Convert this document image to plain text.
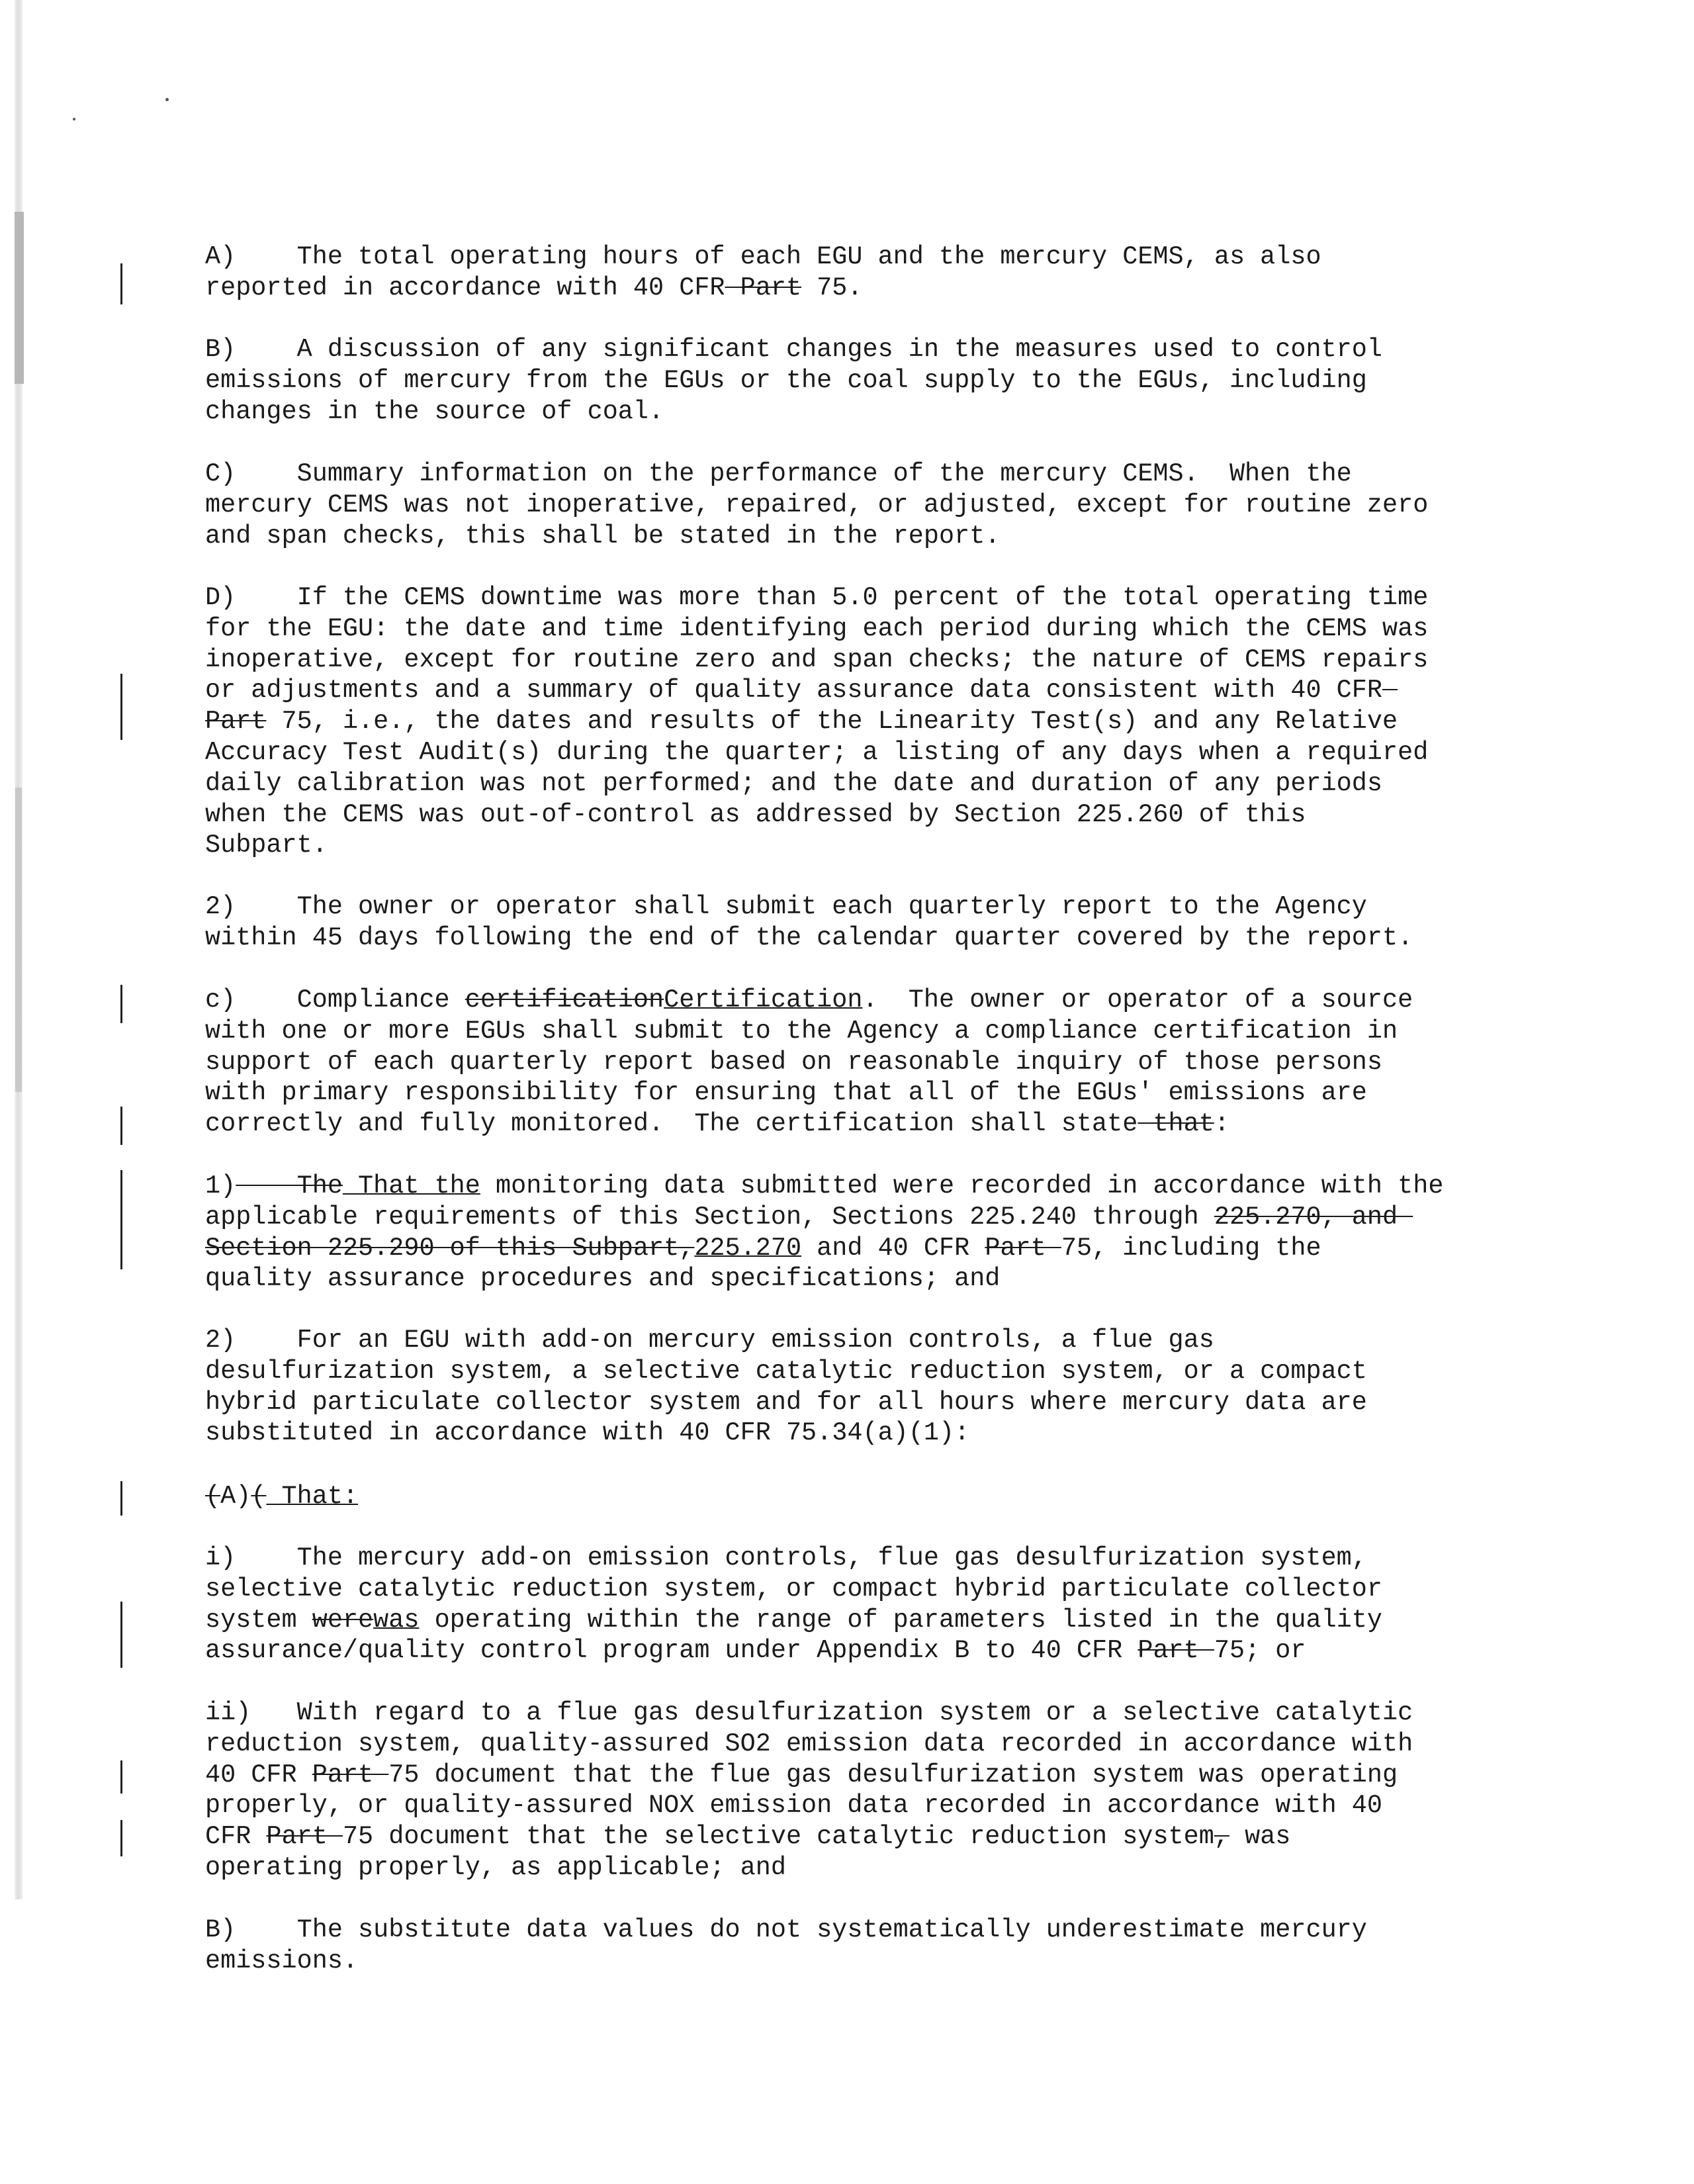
A)    The total operating hours of each EGU and the mercury CEMS, as also
reported in accordance with 40 CFR Part 75.

B)    A discussion of any significant changes in the measures used to control
emissions of mercury from the EGUs or the coal supply to the EGUs, including
changes in the source of coal.

C)    Summary information on the performance of the mercury CEMS.  When the
mercury CEMS was not inoperative, repaired, or adjusted, except for routine zero
and span checks, this shall be stated in the report.

D)    If the CEMS downtime was more than 5.0 percent of the total operating time
for the EGU: the date and time identifying each period during which the CEMS was
inoperative, except for routine zero and span checks; the nature of CEMS repairs
or adjustments and a summary of quality assurance data consistent with 40 CFR
Part 75, i.e., the dates and results of the Linearity Test(s) and any Relative
Accuracy Test Audit(s) during the quarter; a listing of any days when a required
daily calibration was not performed; and the date and duration of any periods
when the CEMS was out-of-control as addressed by Section 225.260 of this
Subpart.

2)    The owner or operator shall submit each quarterly report to the Agency
within 45 days following the end of the calendar quarter covered by the report.

c)    Compliance certificationCertification.  The owner or operator of a source
with one or more EGUs shall submit to the Agency a compliance certification in
support of each quarterly report based on reasonable inquiry of those persons
with primary responsibility for ensuring that all of the EGUs' emissions are
correctly and fully monitored.  The certification shall state that:

1)    The That the monitoring data submitted were recorded in accordance with the
applicable requirements of this Section, Sections 225.240 through 225.270, and
Section 225.290 of this Subpart,225.270 and 40 CFR Part 75, including the
quality assurance procedures and specifications; and

2)    For an EGU with add-on mercury emission controls, a flue gas
desulfurization system, a selective catalytic reduction system, or a compact
hybrid particulate collector system and for all hours where mercury data are
substituted in accordance with 40 CFR 75.34(a)(1):

(A)( That:

i)    The mercury add-on emission controls, flue gas desulfurization system,
selective catalytic reduction system, or compact hybrid particulate collector
system werewas operating within the range of parameters listed in the quality
assurance/quality control program under Appendix B to 40 CFR Part 75; or

ii)   With regard to a flue gas desulfurization system or a selective catalytic
reduction system, quality-assured SO2 emission data recorded in accordance with
40 CFR Part 75 document that the flue gas desulfurization system was operating
properly, or quality-assured NOX emission data recorded in accordance with 40
CFR Part 75 document that the selective catalytic reduction system, was
operating properly, as applicable; and

B)    The substitute data values do not systematically underestimate mercury
emissions.
